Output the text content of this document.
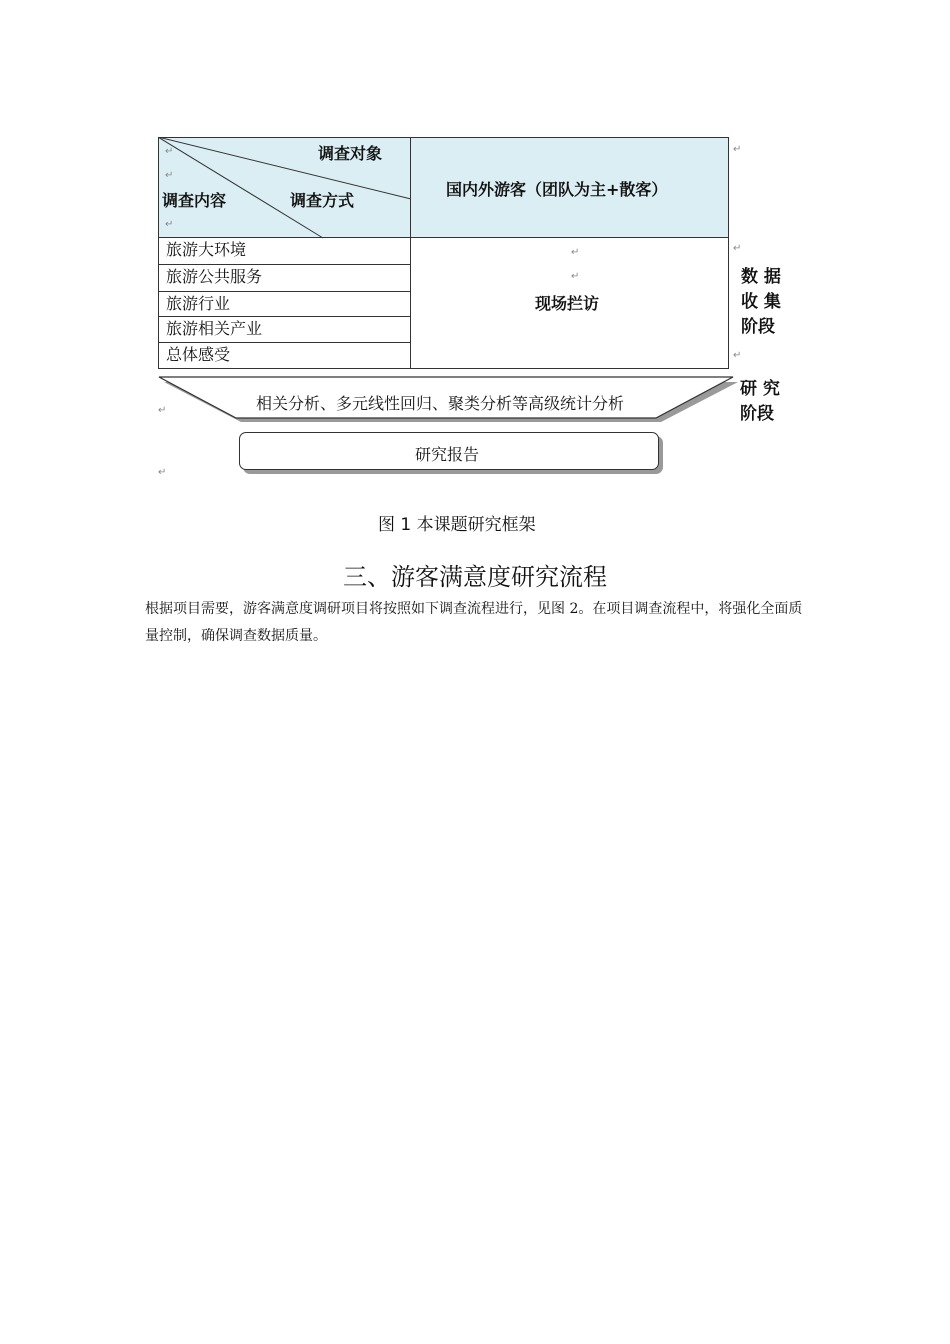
调查对象
调查内容	调查方式
国内外游客（团队为主+散客）
↵
↵
↵
旅游大环境
旅游公共服务
旅游行业
旅游相关产业
总体感受
↵
↵
现场拦访
↵
↵
数 据
收 集
阶段
↵
相关分析、多元线性回归、聚类分析等高级统计分析
研 究
阶段
↵
研究报告
↵
图 1 本课题研究框架
三、游客满意度研究流程
根据项目需要，游客满意度调研项目将按照如下调查流程进行，见图 2。在项目调查流程中，将强化全面质量控制，确保调查数据质量。
